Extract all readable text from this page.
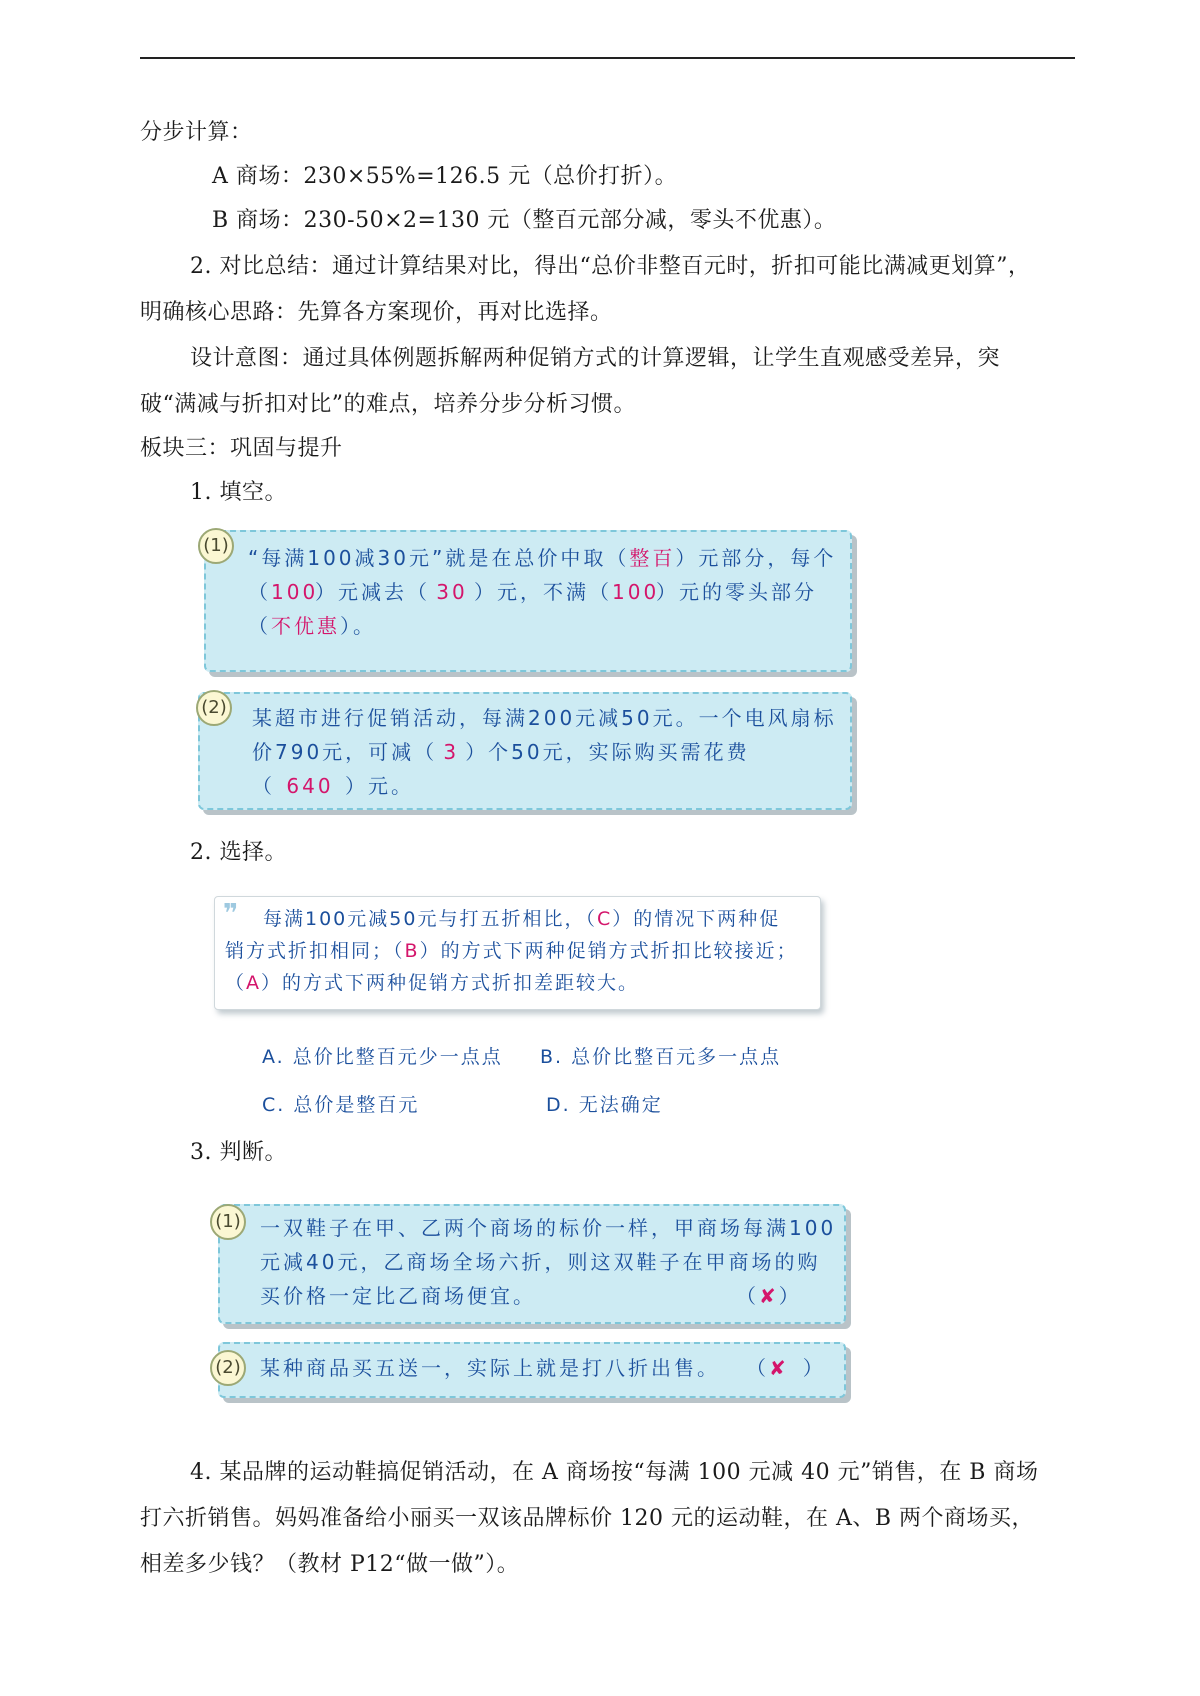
分步计算：
A 商场：230×55%=126.5 元（总价打折）。
B 商场：230-50×2=130 元（整百元部分减，零头不优惠）。
2. 对比总结：通过计算结果对比，得出“总价非整百元时，折扣可能比满减更划算”，
明确核心思路：先算各方案现价，再对比选择。
设计意图：通过具体例题拆解两种促销方式的计算逻辑，让学生直观感受差异，突
破“满减与折扣对比”的难点，培养分步分析习惯。
板块三：巩固与提升
1. 填空。
(1)
“每满100减30元”就是在总价中取（整百）元部分，每个
（100）元减去（ 30 ）元，不满（100）元的零头部分
（不优惠）。
(2) 某超市进行促销活动，每满200元减50元。一个电风扇标
价790元，可减（ 3 ）个50元，实际购买需花费
（ 640 ）元。
2. 选择。
❞ 每满100元减50元与打五折相比，（C）的情况下两种促
销方式折扣相同；（B）的方式下两种促销方式折扣比较接近；
（A）的方式下两种促销方式折扣差距较大。
A. 总价比整百元少一点点 B. 总价比整百元多一点点
C. 总价是整百元	D. 无法确定
3. 判断。
(1) 一双鞋子在甲、乙两个商场的标价一样，甲商场每满100
元减40元，乙商场全场六折，则这双鞋子在甲商场的购
买价格一定比乙商场便宜。	（✘）
(2) 某种商品买五送一，实际上就是打八折出售。 （✘ ）
4. 某品牌的运动鞋搞促销活动，在 A 商场按“每满 100 元减 40 元”销售，在 B 商场
打六折销售。妈妈准备给小丽买一双该品牌标价 120 元的运动鞋，在 A、B 两个商场买，
相差多少钱？（教材 P12“做一做”）。
